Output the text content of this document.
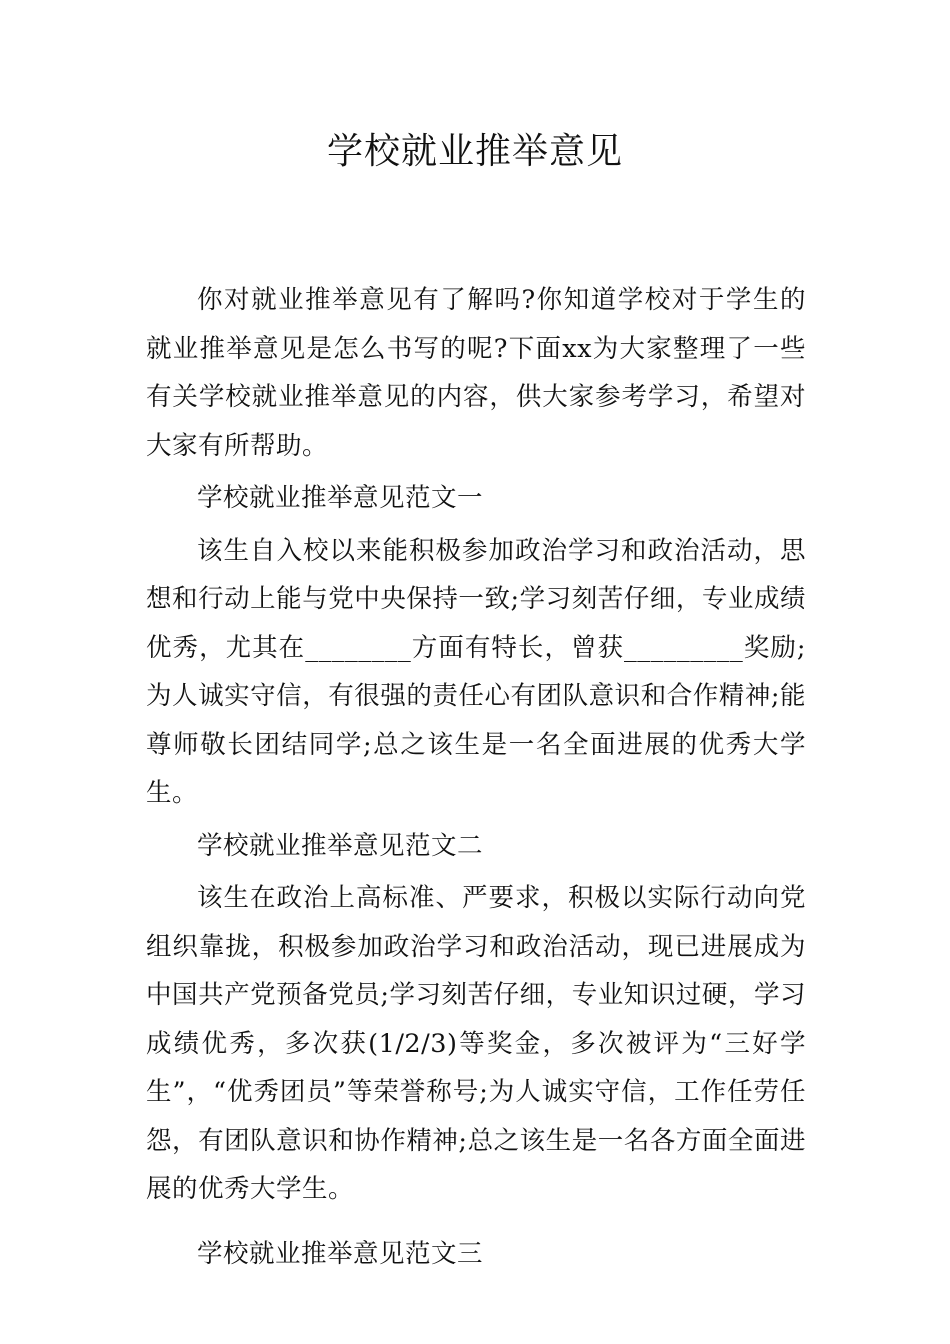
学校就业推举意见

你对就业推举意见有了解吗?你知道学校对于学生的就业推举意见是怎么书写的呢?下面xx为大家整理了一些有关学校就业推举意见的内容，供大家参考学习，希望对大家有所帮助。

学校就业推举意见范文一

该生自入校以来能积极参加政治学习和政治活动，思想和行动上能与党中央保持一致;学习刻苦仔细，专业成绩优秀，尤其在________方面有特长，曾获_________奖励;为人诚实守信，有很强的责任心有团队意识和合作精神;能尊师敬长团结同学;总之该生是一名全面进展的优秀大学生。

学校就业推举意见范文二

该生在政治上高标准、严要求，积极以实际行动向党组织靠拢，积极参加政治学习和政治活动，现已进展成为中国共产党预备党员;学习刻苦仔细，专业知识过硬，学习成绩优秀，多次获(1/2/3)等奖金，多次被评为“三好学生”，“优秀团员”等荣誉称号;为人诚实守信，工作任劳任怨，有团队意识和协作精神;总之该生是一名各方面全面进展的优秀大学生。

学校就业推举意见范文三
